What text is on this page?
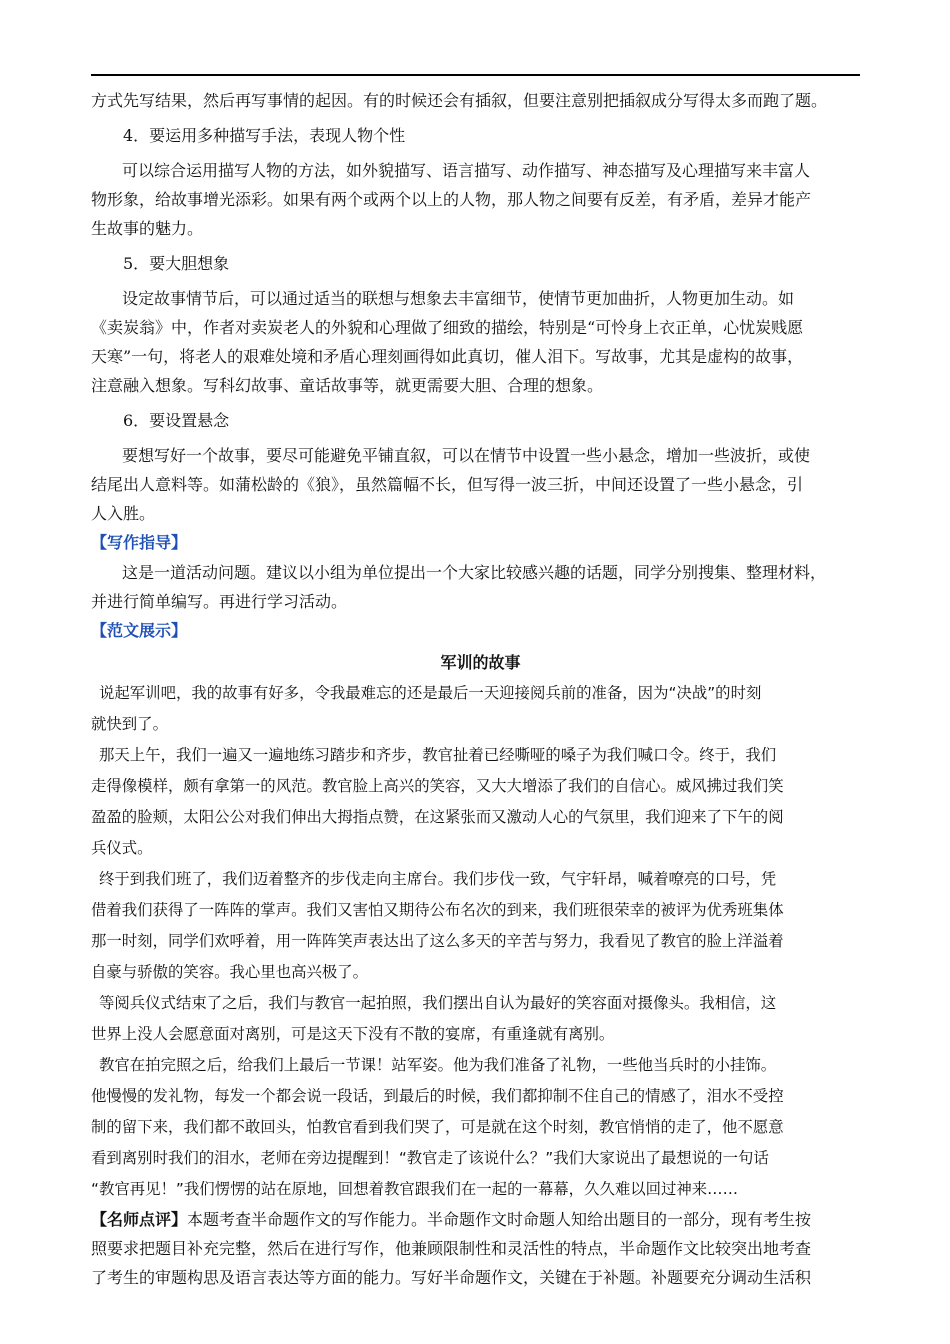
方式先写结果，然后再写事情的起因。有的时候还会有插叙，但要注意别把插叙成分写得太多而跑了题。

4．要运用多种描写手法，表现人物个性

可以综合运用描写人物的方法，如外貌描写、语言描写、动作描写、神态描写及心理描写来丰富人

物形象，给故事增光添彩。如果有两个或两个以上的人物，那人物之间要有反差，有矛盾，差异才能产

生故事的魅力。

5．要大胆想象

设定故事情节后，可以通过适当的联想与想象去丰富细节，使情节更加曲折，人物更加生动。如

《卖炭翁》中，作者对卖炭老人的外貌和心理做了细致的描绘，特别是“可怜身上衣正单，心忧炭贱愿

天寒”一句，将老人的艰难处境和矛盾心理刻画得如此真切，催人泪下。写故事，尤其是虚构的故事，

注意融入想象。写科幻故事、童话故事等，就更需要大胆、合理的想象。

6．要设置悬念

要想写好一个故事，要尽可能避免平铺直叙，可以在情节中设置一些小悬念，增加一些波折，或使

结尾出人意料等。如蒲松龄的《狼》，虽然篇幅不长，但写得一波三折，中间还设置了一些小悬念，引

人入胜。

【写作指导】

这是一道活动问题。建议以小组为单位提出一个大家比较感兴趣的话题，同学分别搜集、整理材料，

并进行简单编写。再进行学习活动。

【范文展示】

军训的故事

说起军训吧，我的故事有好多，令我最难忘的还是最后一天迎接阅兵前的准备，因为“决战”的时刻

就快到了。

那天上午，我们一遍又一遍地练习踏步和齐步，教官扯着已经嘶哑的嗓子为我们喊口令。终于，我们

走得像模样，颇有拿第一的风范。教官脸上高兴的笑容，又大大增添了我们的自信心。威风拂过我们笑

盈盈的脸颊，太阳公公对我们伸出大拇指点赞，在这紧张而又激动人心的气氛里，我们迎来了下午的阅

兵仪式。

终于到我们班了，我们迈着整齐的步伐走向主席台。我们步伐一致，气宇轩昂，喊着嘹亮的口号，凭

借着我们获得了一阵阵的掌声。我们又害怕又期待公布名次的到来，我们班很荣幸的被评为优秀班集体

那一时刻，同学们欢呼着，用一阵阵笑声表达出了这么多天的辛苦与努力，我看见了教官的脸上洋溢着

自豪与骄傲的笑容。我心里也高兴极了。

等阅兵仪式结束了之后，我们与教官一起拍照，我们摆出自认为最好的笑容面对摄像头。我相信，这

世界上没人会愿意面对离别，可是这天下没有不散的宴席，有重逢就有离别。

教官在拍完照之后，给我们上最后一节课！站军姿。他为我们准备了礼物，一些他当兵时的小挂饰。

他慢慢的发礼物，每发一个都会说一段话，到最后的时候，我们都抑制不住自己的情感了，泪水不受控

制的留下来，我们都不敢回头，怕教官看到我们哭了，可是就在这个时刻，教官悄悄的走了，他不愿意

看到离别时我们的泪水，老师在旁边提醒到！“教官走了该说什么？”我们大家说出了最想说的一句话

“教官再见！”我们愣愣的站在原地，回想着教官跟我们在一起的一幕幕，久久难以回过神来……

【名师点评】本题考查半命题作文的写作能力。半命题作文时命题人知给出题目的一部分，现有考生按

照要求把题目补充完整，然后在进行写作，他兼顾限制性和灵活性的特点，半命题作文比较突出地考查

了考生的审题构思及语言表达等方面的能力。写好半命题作文，关键在于补题。补题要充分调动生活积
